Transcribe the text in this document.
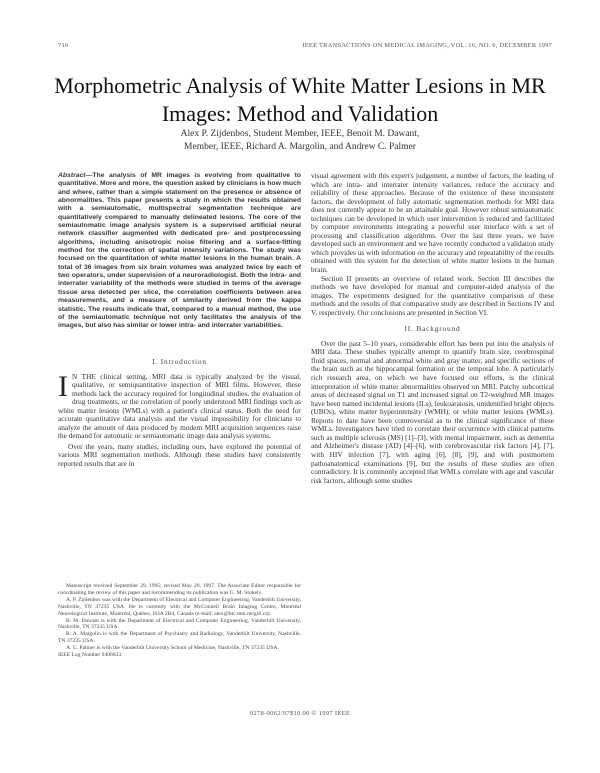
716	IEEE TRANSACTIONS ON MEDICAL IMAGING, VOL. 16, NO. 6, DECEMBER 1997
Morphometric Analysis of White Matter Lesions in MR Images: Method and Validation
Alex P. Zijdenbos, Student Member, IEEE, Benoit M. Dawant,
Member, IEEE, Richard A. Margolin, and Andrew C. Palmer
Abstract—The analysis of MR images is evolving from qualitative to quantitative. More and more, the question asked by clinicians is how much and where, rather than a simple statement on the presence or absence of abnormalities. This paper presents a study in which the results obtained with a semiautomatic, multispectral segmentation technique are quantitatively compared to manually delineated lesions. The core of the semiautomatic image analysis system is a supervised artificial neural network classifier augmented with dedicated pre- and postprocessing algorithms, including anisotropic noise filtering and a surface-fitting method for the correction of spatial intensity variations. The study was focused on the quantitation of white matter lesions in the human brain. A total of 36 images from six brain volumes was analyzed twice by each of two operators, under supervision of a neuroradiologist. Both the intra- and interrater variability of the methods were studied in terms of the average tissue area detected per slice, the correlation coefficients between area measurements, and a measure of similarity derived from the kappa statistic. The results indicate that, compared to a manual method, the use of the semiautomatic technique not only facilitates the analysis of the images, but also has similar or lower intra- and interrater variabilities.

visual agreement with this expert's judgement, a number of factors, the leading of which are intra- and interrater intensity variances, reduce the accuracy and reliability of these approaches. Because of the existence of these inconsistent factors, the development of fully automatic segmentation methods for MRI data does not currently appear to be an attainable goal. However robust semiautomatic techniques can be developed in which user intervention is reduced and facilitated by computer environments integrating a powerful user interface with a set of processing and classification algorithms. Over the last three years, we have developed such an environment and we have recently conducted a validation study which provides us with information on the accuracy and repeatability of the results obtained with this system for the detection of white matter lesions in the human brain.

Section II presents an overview of related work. Section III describes the methods we have developed for manual and computer-aided analysis of the images. The experiments designed for the quantitative comparison of these methods and the results of that comparative study are described in Sections IV and V, respectively. Our conclusions are presented in Section VI.

II. Background

Over the past 5–10 years, considerable effort has been put into the analysis of MRI data. These studies typically attempt to quantify brain size, cerebrospinal fluid spaces, normal and abnormal white and gray matter, and specific sections of the brain such as the hippocampal formation or the temporal lobe. A particularly rich research area, on which we have focused our efforts, is the clinical interpretation of white matter abnormalities observed on MRI. Patchy subcortical areas of decreased signal on T1 and increased signal on T2-weighted MR images have been named incidental lesions (ILs), leukoaraiosis, unidentified bright objects (UBOs), white matter hyperintensity (WMH), or white matter lesions (WMLs). Reports to date have been controversial as to the clinical significance of these WMLs. Investigators have tried to correlate their occurrence with clinical patterns such as multiple sclerosis (MS) [1]–[3], with mental impairment, such as dementia and Alzheimer's disease (AD) [4]–[6], with cerebrovascular risk factors [4], [7], with HIV infection [7], with aging [6], [8], [9], and with postmortem pathoanatomical examinations [9], but the results of these studies are often contradictory. It is commonly accepted that WMLs correlate with age and vascular risk factors, although some studies

I. Introduction

I N THE clinical setting, MRI data is typically analyzed by the visual, qualitative, or semiquantitative inspection of MRI films. However, these methods lack the accuracy required for longitudinal studies, the evaluation of drug treatments, or the correlation of poorly understood MRI findings such as white matter lesions (WMLs) with a patient's clinical status. Both the need for accurate quantitative data analysis and the visual impossibility for clinicians to analyze the amount of data produced by modern MRI acquisition sequences raise the demand for automatic or semiautomatic image data analysis systems.

Over the years, many studies, including ours, have explored the potential of various MRI segmentation methods. Although these studies have consistently reported results that are in

Manuscript received September 29, 1995; revised May 20, 1997. The Associate Editor responsible for coordinating the review of this paper and recommending its publication was G. M. Stokely.

A. P. Zijdenbos was with the Department of Electrical and Computer Engineering, Vanderbilt University, Nashville, TN 37235 USA. He is currently with the McConnell Brain Imaging Centre, Montréal Neurological Institute, Montréal, Québec, H3A 2B4, Canada (e-mail: alex@bic.mni.mcgill.ca).

B. M. Dawant is with the Department of Electrical and Computer Engineering, Vanderbilt University, Nashville, TN 37235 USA.

R. A. Margolin is with the Department of Psychiatry and Radiology, Vanderbilt University, Nashville, TN 37235 USA.

A. C. Palmer is with the Vanderbilt University School of Medicine, Nashville, TN 37235 USA.

IEEE Log Number 9406833.

0278-0062/97$10.00 © 1997 IEEE
